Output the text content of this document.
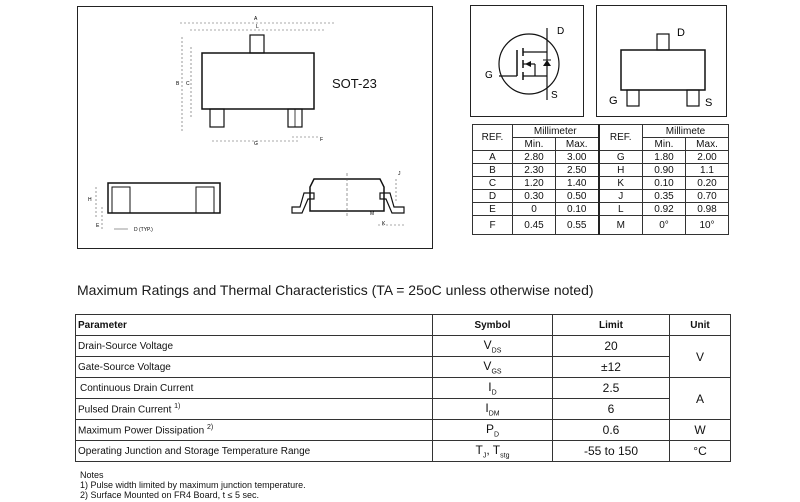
A
L
B C
G
F
SOT-23
H
E
D (TYP.)
J
K
M
D
G
S
D
G	S
REF.	Millimeter		REF.	Millimete	
	Min.	Max.		Min.	Max.
A	2.80	3.00	G	1.80	2.00
B	2.30	2.50	H	0.90	1.1
C	1.20	1.40	K	0.10	0.20
D	0.30	0.50	J	0.35	0.70
E	0	0.10	L	0.92	0.98
F	0.45	0.55	M	0°	10°
Maximum Ratings and Thermal Characteristics (TA = 25oC unless otherwise noted)
Parameter	Symbol	Limit	Unit
Drain-Source Voltage	$V_{DS}$	20	V
Gate-Source Voltage	$V_{GS}$	±12	
Continuous Drain Current	$I_D$	2.5	A
Pulsed Drain Current $^{1)}$	$I_{DM}$	6	
Maximum Power Dissipation $^{2)}$	$P_D$	0.6	W
Operating Junction and Storage Temperature Range	$T_J$, $T_{stg}$	-55 to 150	°C
Notes
1) Pulse width limited by maximum junction temperature.
2) Surface Mounted on FR4 Board, t ≤ 5 sec.
